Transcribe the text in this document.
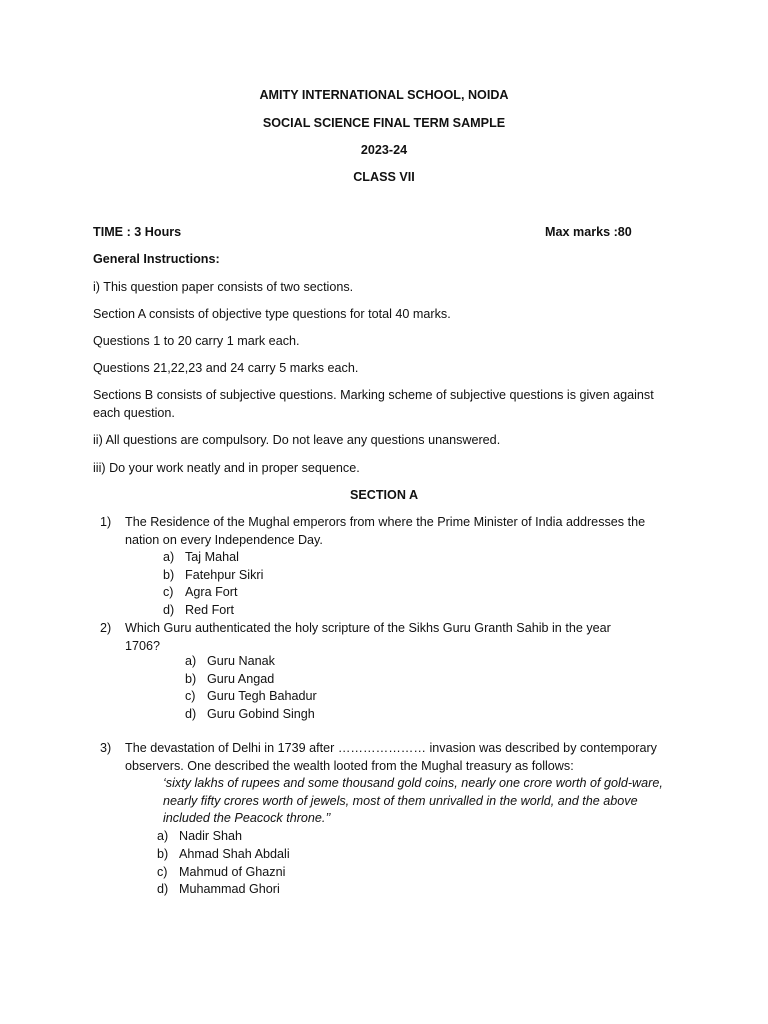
AMITY INTERNATIONAL SCHOOL, NOIDA
SOCIAL SCIENCE FINAL TERM SAMPLE
2023-24
CLASS VII
TIME : 3 Hours	Max marks :80
General Instructions:
i) This question paper consists of two sections.
Section A consists of objective type questions for total 40 marks.
Questions 1 to 20 carry 1 mark each.
Questions 21,22,23 and 24 carry 5 marks each.
Sections B consists of subjective questions. Marking scheme of subjective questions is given against each question.
ii) All questions are compulsory. Do not leave any questions unanswered.
iii) Do your work neatly and in proper sequence.
SECTION A
1) The Residence of the Mughal emperors from where the Prime Minister of India addresses the nation on every Independence Day.
a) Taj Mahal
b) Fatehpur Sikri
c) Agra Fort
d) Red Fort
2) Which Guru authenticated the holy scripture of the Sikhs Guru Granth Sahib in the year 1706?
a) Guru Nanak
b) Guru Angad
c) Guru Tegh Bahadur
d) Guru Gobind Singh
3) The devastation of Delhi in 1739 after ………………… invasion was described by contemporary observers. One described the wealth looted from the Mughal treasury as follows:
‘sixty lakhs of rupees and some thousand gold coins, nearly one crore worth of gold-ware, nearly fifty crores worth of jewels, most of them unrivalled in the world, and the above included the Peacock throne.’’
a) Nadir Shah
b) Ahmad Shah Abdali
c) Mahmud of Ghazni
d) Muhammad Ghori
